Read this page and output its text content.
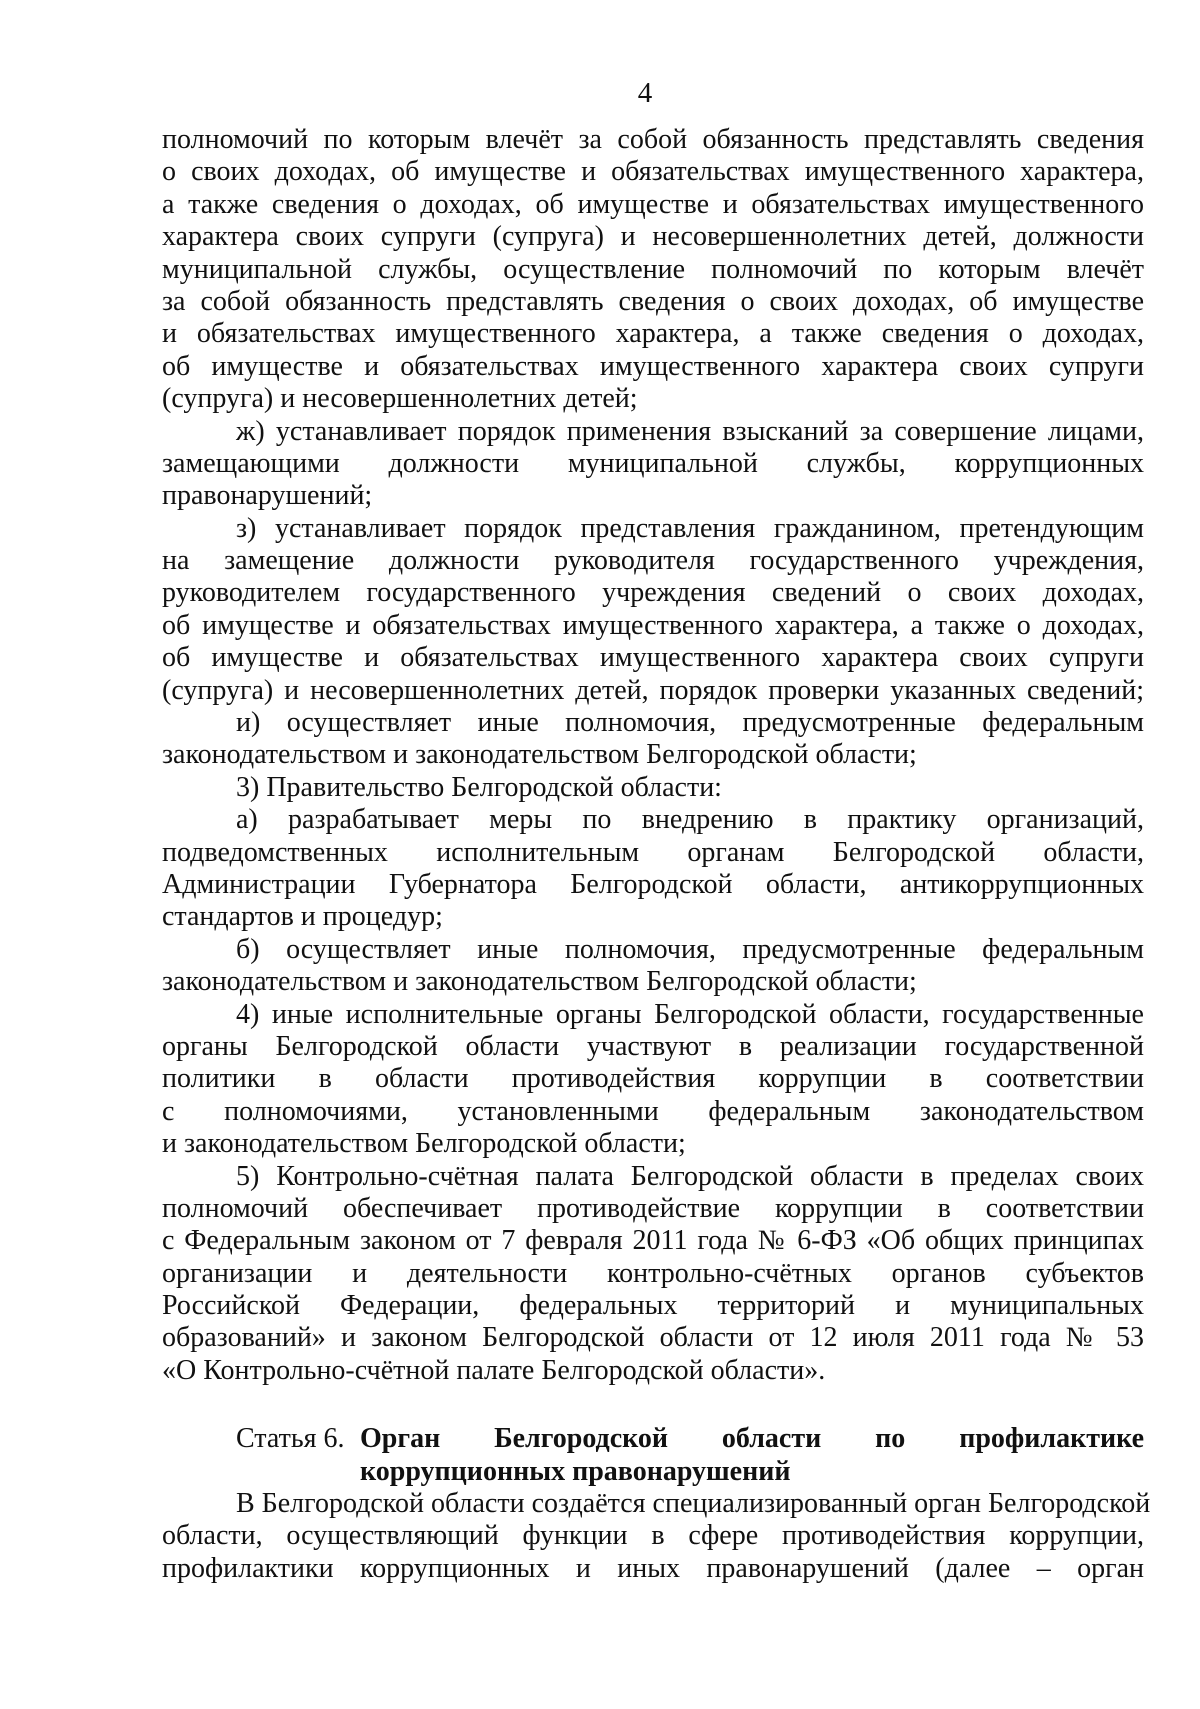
4
полномочий по которым влечёт за собой обязанность представлять сведения
о своих доходах, об имуществе и обязательствах имущественного характера,
а также сведения о доходах, об имуществе и обязательствах имущественного
характера своих супруги (супруга) и несовершеннолетних детей, должности
муниципальной службы, осуществление полномочий по которым влечёт
за собой обязанность представлять сведения о своих доходах, об имуществе
и обязательствах имущественного характера, а также сведения о доходах,
об имуществе и обязательствах имущественного характера своих супруги
(супруга) и несовершеннолетних детей;
ж) устанавливает порядок применения взысканий за совершение лицами,
замещающими должности муниципальной службы, коррупционных
правонарушений;
з) устанавливает порядок представления гражданином, претендующим
на замещение должности руководителя государственного учреждения,
руководителем государственного учреждения сведений о своих доходах,
об имуществе и обязательствах имущественного характера, а также о доходах,
об имуществе и обязательствах имущественного характера своих супруги
(супруга) и несовершеннолетних детей, порядок проверки указанных сведений;
и) осуществляет иные полномочия, предусмотренные федеральным
законодательством и законодательством Белгородской области;
3) Правительство Белгородской области:
а) разрабатывает меры по внедрению в практику организаций,
подведомственных исполнительным органам Белгородской области,
Администрации Губернатора Белгородской области, антикоррупционных
стандартов и процедур;
б) осуществляет иные полномочия, предусмотренные федеральным
законодательством и законодательством Белгородской области;
4) иные исполнительные органы Белгородской области, государственные
органы Белгородской области участвуют в реализации государственной
политики в области противодействия коррупции в соответствии
с полномочиями, установленными федеральным законодательством
и законодательством Белгородской области;
5) Контрольно-счётная палата Белгородской области в пределах своих
полномочий обеспечивает противодействие коррупции в соответствии
с Федеральным законом от 7 февраля 2011 года № 6-ФЗ «Об общих принципах
организации и деятельности контрольно-счётных органов субъектов
Российской Федерации, федеральных территорий и муниципальных
образований» и законом Белгородской области от 12 июля 2011 года № 53
«О Контрольно-счётной палате Белгородской области».
Статья 6. Орган Белгородской области по профилактике
коррупционных правонарушений
В Белгородской области создаётся специализированный орган Белгородской
области, осуществляющий функции в сфере противодействия коррупции,
профилактики коррупционных и иных правонарушений (далее – орган
